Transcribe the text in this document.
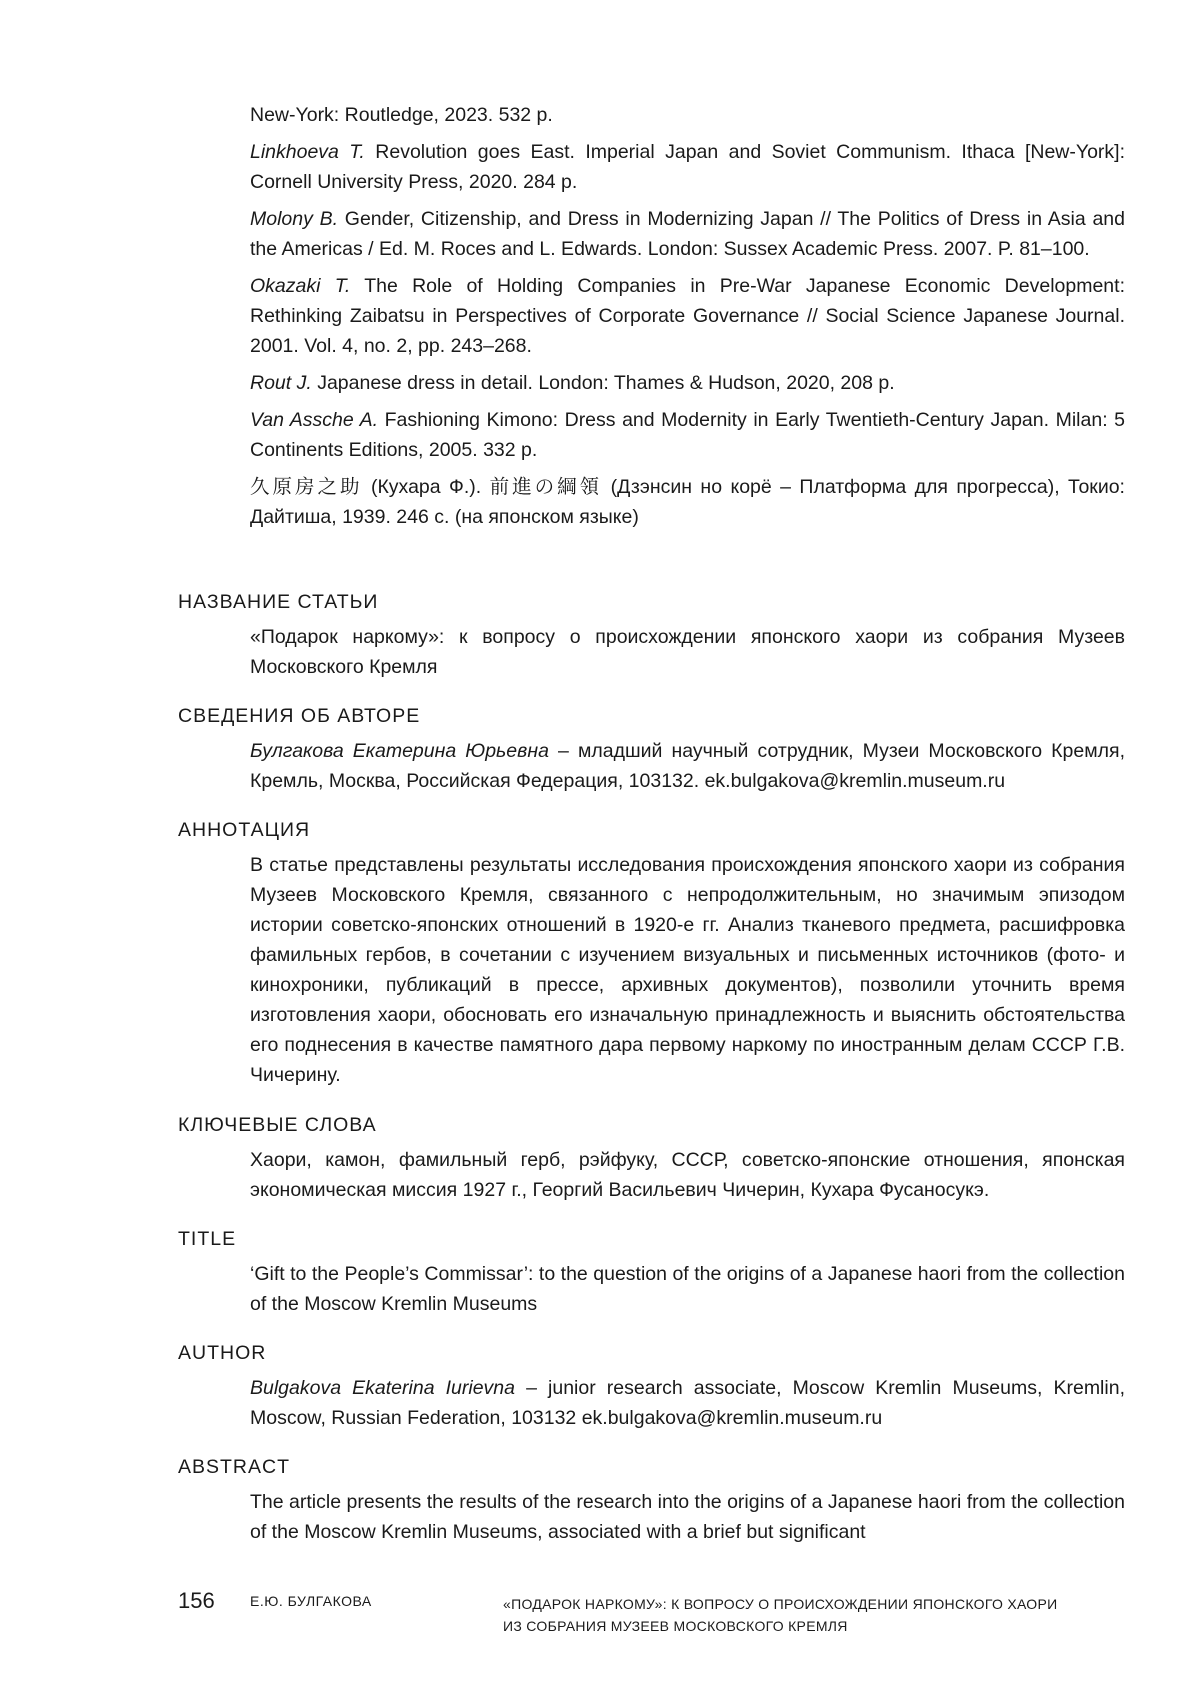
New-York: Routledge, 2023. 532 p.

Linkhoeva T. Revolution goes East. Imperial Japan and Soviet Communism. Ithaca [New-York]: Cornell University Press, 2020. 284 p.

Molony B. Gender, Citizenship, and Dress in Modernizing Japan // The Politics of Dress in Asia and the Americas / Ed. M. Roces and L. Edwards. London: Sussex Academic Press. 2007. P. 81–100.

Okazaki T. The Role of Holding Companies in Pre-War Japanese Economic Development: Rethinking Zaibatsu in Perspectives of Corporate Governance // Social Science Japanese Journal. 2001. Vol. 4, no. 2, pp. 243–268.

Rout J. Japanese dress in detail. London: Thames & Hudson, 2020, 208 p.

Van Assche A. Fashioning Kimono: Dress and Modernity in Early Twentieth-Century Japan. Milan: 5 Continents Editions, 2005. 332 p.

久原房之助 (Кухара Ф.). 前進の綱領 (Дзэнсин но корё – Платформа для прогресса), Токио: Дайтиша, 1939. 246 с. (на японском языке)

НАЗВАНИЕ СТАТЬИ
«Подарок наркому»: к вопросу о происхождении японского хаори из собрания Музеев Московского Кремля
СВЕДЕНИЯ ОБ АВТОРЕ
Булгакова Екатерина Юрьевна – младший научный сотрудник, Музеи Московского Кремля, Кремль, Москва, Российская Федерация, 103132. ek.bulgakova@kremlin.museum.ru
АННОТАЦИЯ
В статье представлены результаты исследования происхождения японского хаори из собрания Музеев Московского Кремля, связанного с непродолжительным, но значимым эпизодом истории советско-японских отношений в 1920-е гг. Анализ тканевого предмета, расшифровка фамильных гербов, в сочетании с изучением визуальных и письменных источников (фото- и кинохроники, публикаций в прессе, архивных документов), позволили уточнить время изготовления хаори, обосновать его изначальную принадлежность и выяснить обстоятельства его поднесения в качестве памятного дара первому наркому по иностранным делам СССР Г.В. Чичерину.
КЛЮЧЕВЫЕ СЛОВА
Хаори, камон, фамильный герб, рэйфуку, СССР, советско-японские отношения, японская экономическая миссия 1927 г., Георгий Васильевич Чичерин, Кухара Фусаносукэ.
TITLE
‘Gift to the People’s Commissar’: to the question of the origins of a Japanese haori from the collection of the Moscow Kremlin Museums
AUTHOR
Bulgakova Ekaterina Iurievna – junior research associate, Moscow Kremlin Museums, Kremlin, Moscow, Russian Federation, 103132 ek.bulgakova@kremlin.museum.ru
ABSTRACT
The article presents the results of the research into the origins of a Japanese haori from the collection of the Moscow Kremlin Museums, associated with a brief but significant
156	Е.Ю. БУЛГАКОВА	«ПОДАРОК НАРКОМУ»: К ВОПРОСУ О ПРОИСХОЖДЕНИИ ЯПОНСКОГО ХАОРИ
ИЗ СОБРАНИЯ МУЗЕЕВ МОСКОВСКОГО КРЕМЛЯ
